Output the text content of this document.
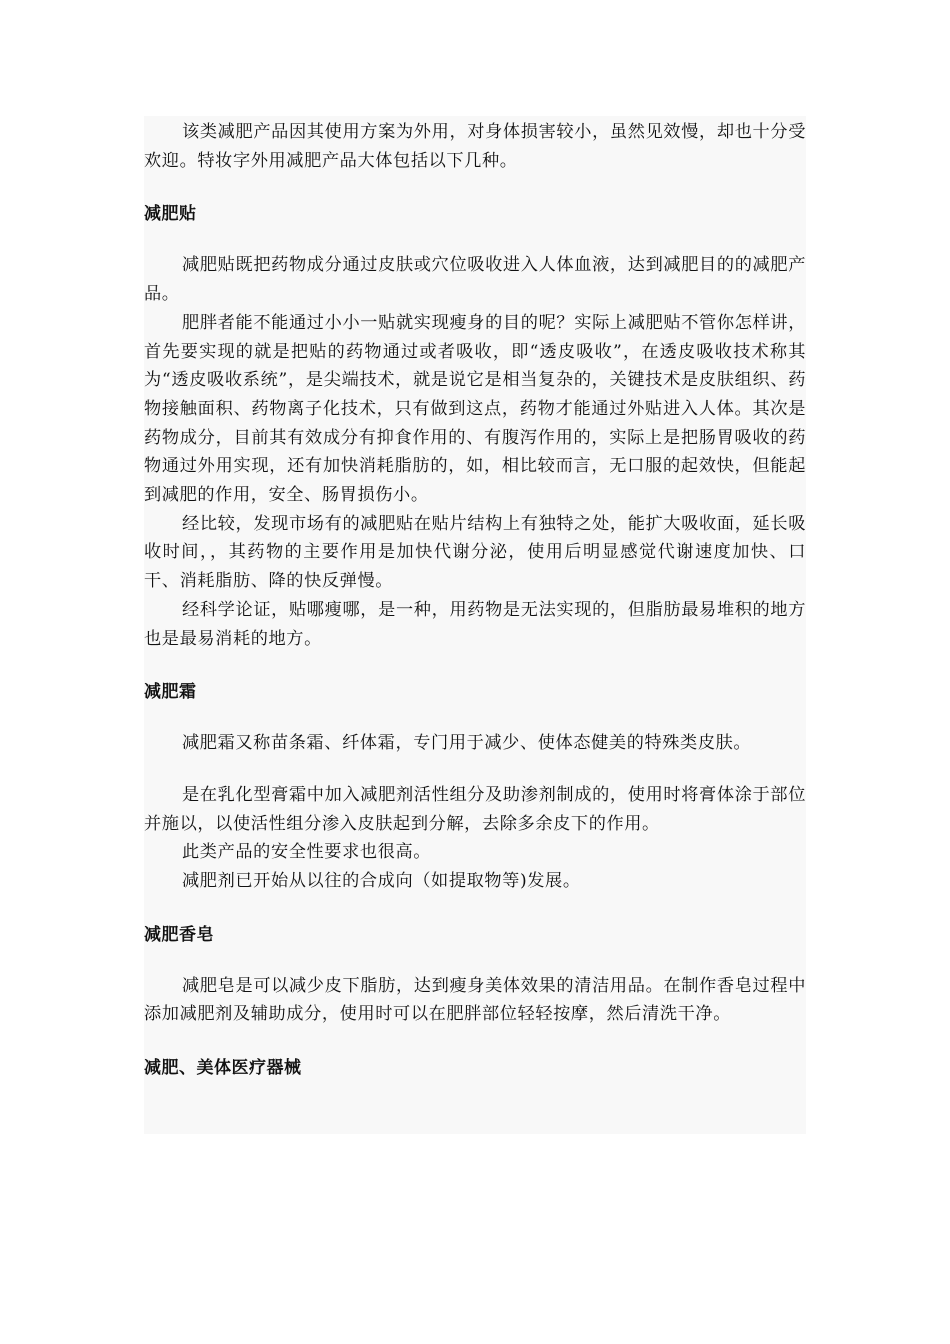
该类减肥产品因其使用方案为外用，对身体损害较小，虽然见效慢，却也十分受欢迎。特妆字外用减肥产品大体包括以下几种。

减肥贴

减肥贴既把药物成分通过皮肤或穴位吸收进入人体血液，达到减肥目的的减肥产品。

肥胖者能不能通过小小一贴就实现瘦身的目的呢？实际上减肥贴不管你怎样讲，首先要实现的就是把贴的药物通过或者吸收，即“透皮吸收”，在透皮吸收技术称其为“透皮吸收系统”，是尖端技术，就是说它是相当复杂的，关键技术是皮肤组织、药物接触面积、药物离子化技术，只有做到这点，药物才能通过外贴进入人体。其次是药物成分，目前其有效成分有抑食作用的、有腹泻作用的，实际上是把肠胃吸收的药物通过外用实现，还有加快消耗脂肪的，如，相比较而言，无口服的起效快，但能起到减肥的作用，安全、肠胃损伤小。

经比较，发现市场有的减肥贴在贴片结构上有独特之处，能扩大吸收面，延长吸收时间，，其药物的主要作用是加快代谢分泌，使用后明显感觉代谢速度加快、口干、消耗脂肪、降的快反弹慢。

经科学论证，贴哪瘦哪，是一种，用药物是无法实现的，但脂肪最易堆积的地方也是最易消耗的地方。

减肥霜

减肥霜又称苗条霜、纤体霜，专门用于减少、使体态健美的特殊类皮肤。

是在乳化型膏霜中加入减肥剂活性组分及助渗剂制成的，使用时将膏体涂于部位并施以，以使活性组分渗入皮肤起到分解，去除多余皮下的作用。

此类产品的安全性要求也很高。

减肥剂已开始从以往的合成向（如提取物等)发展。

减肥香皂

减肥皂是可以减少皮下脂肪，达到瘦身美体效果的清洁用品。在制作香皂过程中添加减肥剂及辅助成分，使用时可以在肥胖部位轻轻按摩，然后清洗干净。

减肥、美体医疗器械
